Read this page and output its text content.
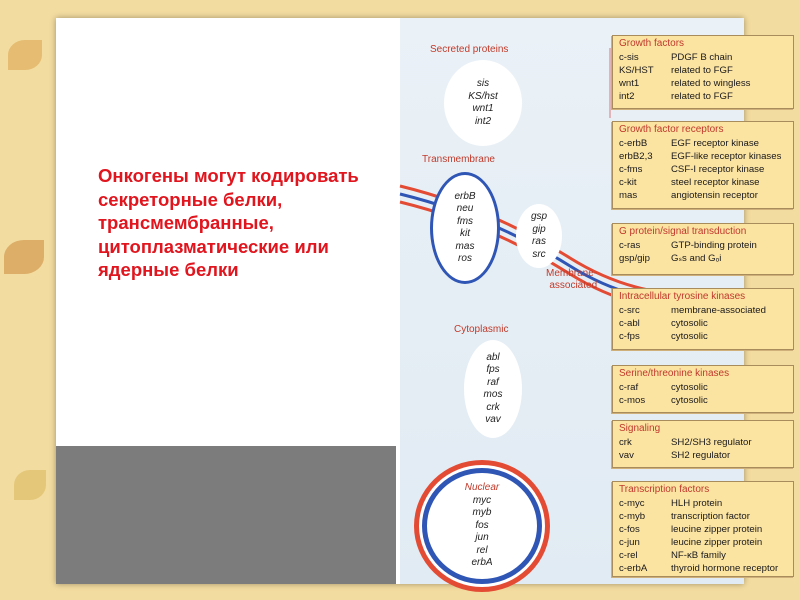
Онкогены могут кодировать секреторные белки, трансмембранные, цитоплазматические или ядерные белки
Secreted proteins
sis
KS/hst
wnt1
int2
Transmembrane
erbB
neu
fms
kit
mas
ros
gsp
gip
ras
src
Membrane-
associated
Cytoplasmic
abl
fps
raf
mos
crk
vav
Nuclear
myc
myb
fos
jun
rel
erbA
Growth factors
c-sis	PDGF B chain
KS/HST	related to FGF
wnt1	related to wingless
int2	related to FGF
Growth factor receptors
c-erbB	EGF receptor kinase
erbB2,3	EGF-like receptor kinases
c-fms	CSF-I receptor kinase
c-kit	steel receptor kinase
mas	angiotensin receptor
G protein/signal transduction
c-ras	GTP-binding protein
gsp/gip	Gₛs and Gₒi
Intracellular tyrosine kinases
c-src	membrane-associated
c-abl	cytosolic
c-fps	cytosolic
Serine/threonine kinases
c-raf	cytosolic
c-mos	cytosolic
Signaling
crk	SH2/SH3 regulator
vav	SH2 regulator
Transcription factors
c-myc	HLH protein
c-myb	transcription factor
c-fos	leucine zipper protein
c-jun	leucine zipper protein
c-rel	NF-κB family
c-erbA	thyroid hormone receptor
